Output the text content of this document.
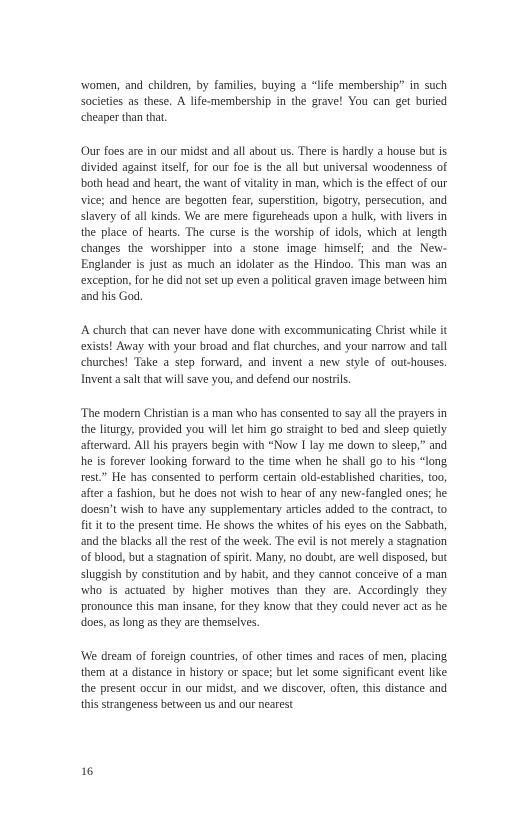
women, and children, by families, buying a “life membership” in such societies as these. A life-membership in the grave! You can get buried cheaper than that.

Our foes are in our midst and all about us. There is hardly a house but is divided against itself, for our foe is the all but universal woodenness of both head and heart, the want of vitality in man, which is the effect of our vice; and hence are begotten fear, superstition, bigotry, persecution, and slavery of all kinds. We are mere figureheads upon a hulk, with livers in the place of hearts. The curse is the worship of idols, which at length changes the worshipper into a stone image himself; and the New-Englander is just as much an idolater as the Hindoo. This man was an exception, for he did not set up even a political graven image between him and his God.

A church that can never have done with excommunicating Christ while it exists! Away with your broad and flat churches, and your narrow and tall churches! Take a step forward, and invent a new style of out-houses. Invent a salt that will save you, and defend our nostrils.

The modern Christian is a man who has consented to say all the prayers in the liturgy, provided you will let him go straight to bed and sleep quietly afterward. All his prayers begin with “Now I lay me down to sleep,” and he is forever looking forward to the time when he shall go to his “long rest.” He has consented to perform certain old-established charities, too, after a fashion, but he does not wish to hear of any new-fangled ones; he doesn’t wish to have any supplementary articles added to the contract, to fit it to the present time. He shows the whites of his eyes on the Sabbath, and the blacks all the rest of the week. The evil is not merely a stagnation of blood, but a stagnation of spirit. Many, no doubt, are well disposed, but sluggish by constitution and by habit, and they cannot conceive of a man who is actuated by higher motives than they are. Accordingly they pronounce this man insane, for they know that they could never act as he does, as long as they are themselves.

We dream of foreign countries, of other times and races of men, placing them at a distance in history or space; but let some significant event like the present occur in our midst, and we discover, often, this distance and this strangeness between us and our nearest

16
